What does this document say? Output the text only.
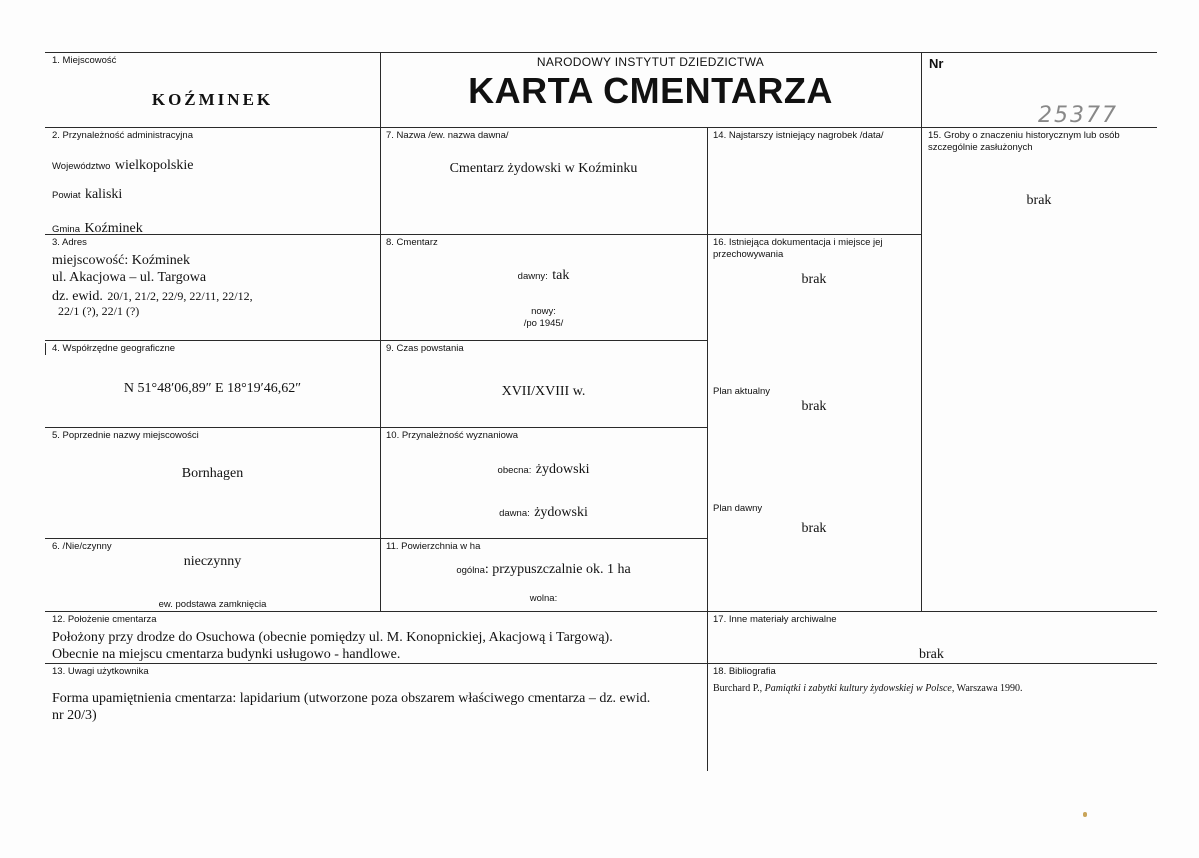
1. Miejscowość
KOŹMINEK
NARODOWY INSTYTUT DZIEDZICTWA
KARTA CMENTARZA
Nr
25377
2. Przynależność administracyjna
Województwo wielkopolskie
Powiat kaliski
Gmina Koźminek
3. Adres
miejscowość: Koźminek
ul. Akacjowa – ul. Targowa
dz. ewid. 20/1, 21/2, 22/9, 22/11, 22/12,
22/1 (?), 22/1 (?)
4. Współrzędne geograficzne
N 51°48′06,89″ E 18°19′46,62″
5. Poprzednie nazwy miejscowości
Bornhagen
6. /Nie/czynny
nieczynny
ew. podstawa zamknięcia
7. Nazwa /ew. nazwa dawna/
Cmentarz żydowski w Koźminku
8. Cmentarz
dawny: tak
nowy:
/po 1945/
9. Czas powstania
XVII/XVIII w.
10. Przynależność wyznaniowa
obecna: żydowski
dawna: żydowski
11. Powierzchnia w ha
ogólna: przypuszczalnie ok. 1 ha
wolna:
14. Najstarszy istniejący nagrobek /data/	15. Groby o znaczeniu historycznym lub osób
szczególnie zasłużonych
brak
16. Istniejąca dokumentacja i miejsce jej
przechowywania
brak
Plan aktualny
brak
Plan dawny
brak
12. Położenie cmentarza
Położony przy drodze do Osuchowa (obecnie pomiędzy ul. M. Konopnickiej, Akacjową i Targową).
Obecnie na miejscu cmentarza budynki usługowo - handlowe.
17. Inne materiały archiwalne
brak
13. Uwagi użytkownika
Forma upamiętnienia cmentarza: lapidarium (utworzone poza obszarem właściwego cmentarza – dz. ewid.
nr 20/3)
18. Bibliografia
Burchard P., Pamiątki i zabytki kultury żydowskiej w Polsce, Warszawa 1990.
